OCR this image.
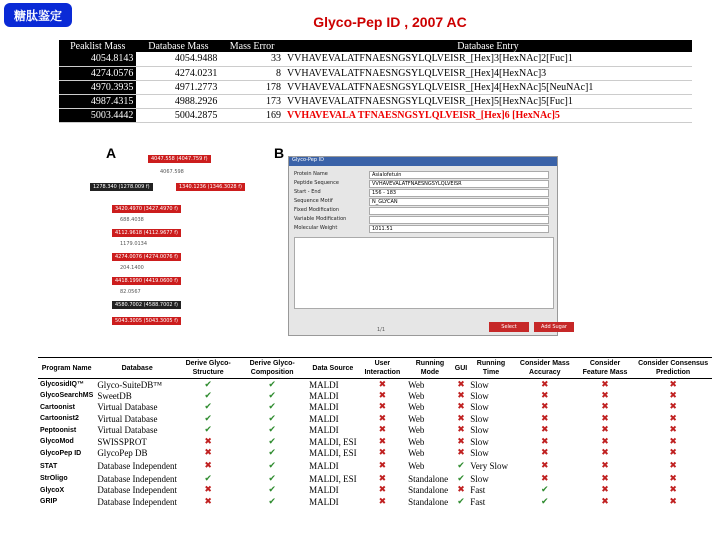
糖肽鉴定	Glyco-Pep ID , 2007 AC
Peaklist Mass	Database Mass	Mass Error	Database Entry
4054.8143	4054.9488	33	VVHAVEVALATFNAESNGSYLQLVEISR_[Hex]3[HexNAc]2[Fuc]1
4274.0576	4274.0231	8	VVHAVEVALATFNAESNGSYLQLVEISR_[Hex]4[HexNAc]3
4970.3935	4971.2773	178	VVHAVEVALATFNAESNGSYLQLVEISR_[Hex]4[HexNAc]5[NeuNAc]1
4987.4315	4988.2926	173	VVHAVEVALATFNAESNGSYLQLVEISR_[Hex]5[HexNAc]5[Fuc]1
5003.4442	5004.2875	169	VVHAVEVALA TFNAESNGSYLQLVEISR_[Hex]6 [HexNAc]5
A	4047.558 (4047.759 f)
4067.598
1278.340 (1278.009 f)	1340.1236 (1346.3028 f)
3420.4970 (3427.4970 f)
688.4038
4112.9618 (4112.9677 f)
1179.0134
4274.0076 (4274.0076 f)
204.1400
4418.1990 (4419.0600 f)
82.0567
4580.7002 (4588.7002 f)
5043.3005 (5043.3005 f)
B	Glyco-Pep ID
Protein Name	Asialofetuin
Peptide Sequence	VVHAVEVALATFNAESNGSYLQLVEISR
Start - End	156 - 183
Sequence Motif	N_GLYCAN
Fixed Modification
Variable Modification
Molecular Weight	1011.51
1/1	Select	Add Sugar
Program Name	Database	Derive Glyco-Structure	Derive Glyco-Composition	Data Source	User Interaction	Running Mode	GUI	Running Time	Consider Mass Accuracy	Consider Feature Mass	Consider Consensus Prediction
GlycosidIQ™	Glyco-SuiteDB™	✔	✔	MALDI	✖	Web	✖	Slow	✖	✖	✖
GlycoSearchMS	SweetDB	✔	✔	MALDI	✖	Web	✖	Slow	✖	✖	✖
Cartoonist	Virtual Database	✔	✔	MALDI	✖	Web	✖	Slow	✖	✖	✖
Cartoonist2	Virtual Database	✔	✔	MALDI	✖	Web	✖	Slow	✖	✖	✖
Peptoonist	Virtual Database	✔	✔	MALDI	✖	Web	✖	Slow	✖	✖	✖
GlycoMod	SWISSPROT	✖	✔	MALDI, ESI	✖	Web	✖	Slow	✖	✖	✖
GlycoPep ID	GlycoPep DB	✖	✔	MALDI, ESI	✖	Web	✖	Slow	✖	✖	✖
STAT	Database Independent	✖	✔	MALDI	✖	Web	✔	Very Slow	✖	✖	✖
StrOligo	Database Independent	✔	✔	MALDI, ESI	✖	Standalone	✔	Slow	✖	✖	✖
GlycoX	Database Independent	✖	✔	MALDI	✖	Standalone	✖	Fast	✔	✖	✖
GRIP	Database Independent	✖	✔	MALDI	✖	Standalone	✔	Fast	✔	✖	✖
